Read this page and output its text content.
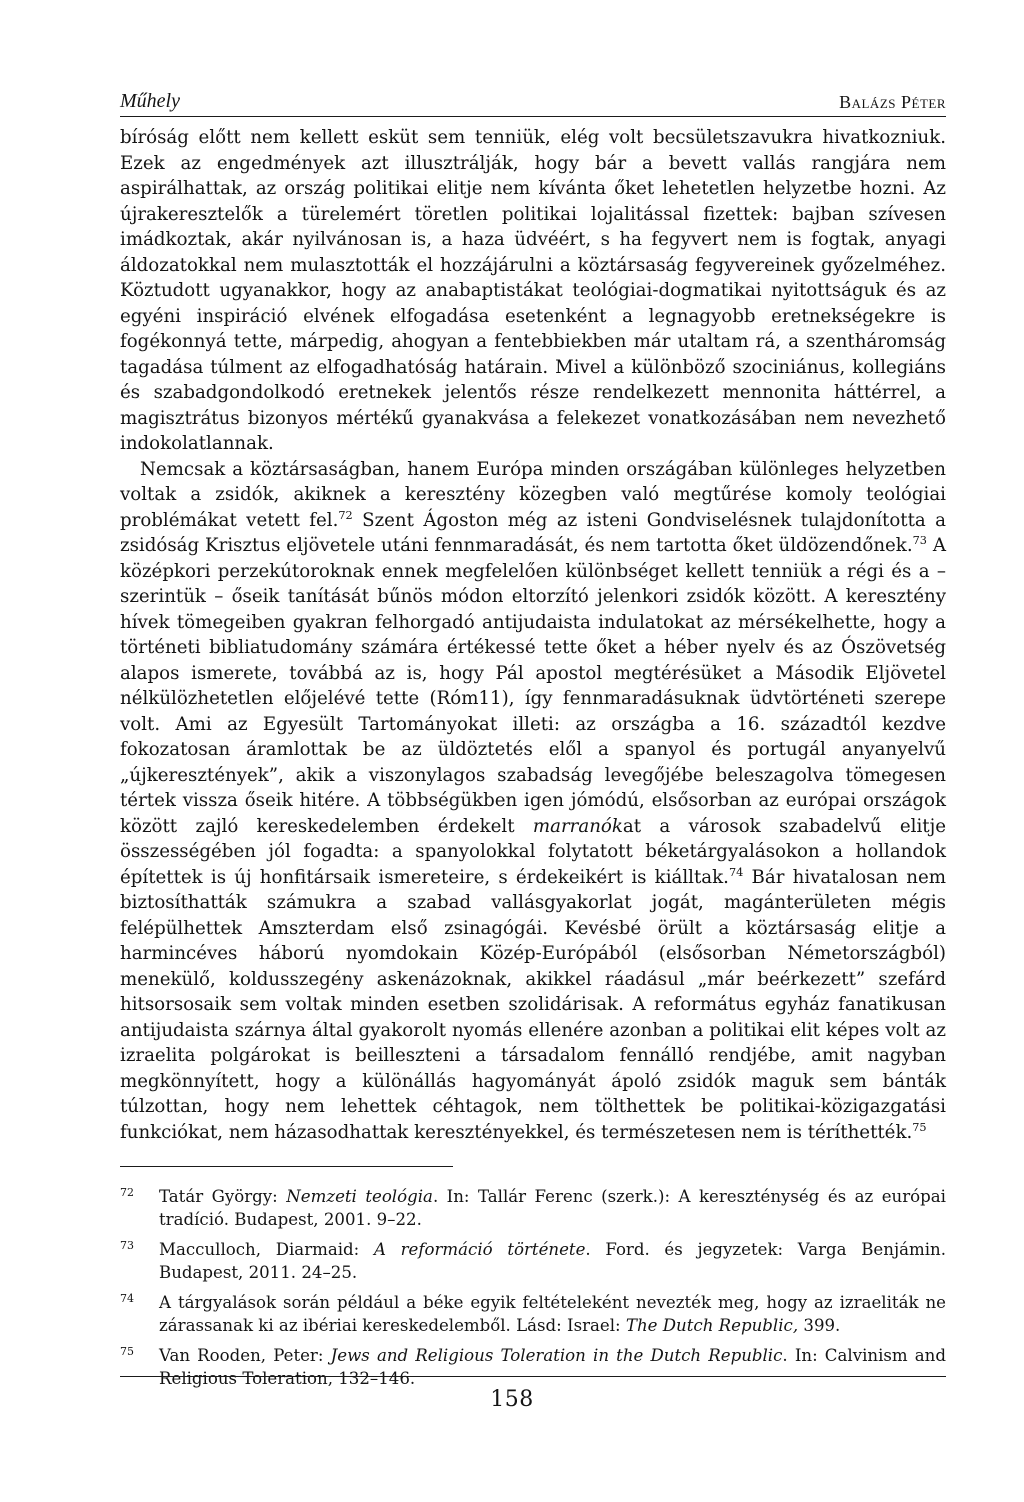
Műhely	Balázs Péter

bíróság előtt nem kellett esküt sem tenniük, elég volt becsületszavukra hivatkozniuk. Ezek az engedmények azt illusztrálják, hogy bár a bevett vallás rangjára nem aspirálhattak, az ország politikai elitje nem kívánta őket lehetetlen helyzetbe hozni. Az újrakeresztelők a türelemért töretlen politikai lojalitással fizettek: bajban szívesen imádkoztak, akár nyilvánosan is, a haza üdvéért, s ha fegyvert nem is fogtak, anyagi áldozatokkal nem mulasztották el hozzájárulni a köztársaság fegyvereinek győzelméhez. Köztudott ugyanakkor, hogy az anabaptistákat teológiai-dogmatikai nyitottságuk és az egyéni inspiráció elvének elfogadása esetenként a legnagyobb eretnekségekre is fogékonnyá tette, márpedig, ahogyan a fentebbiekben már utaltam rá, a szentháromság tagadása túlment az elfogadhatóság határain. Mivel a különböző szociniánus, kollegiáns és szabadgondolkodó eretnekek jelentős része rendelkezett mennonita háttérrel, a magisztrátus bizonyos mértékű gyanakvása a felekezet vonatkozásában nem nevezhető indokolatlannak.

Nemcsak a köztársaságban, hanem Európa minden országában különleges helyzetben voltak a zsidók, akiknek a keresztény közegben való megtűrése komoly teológiai problémákat vetett fel.$^{72}$ Szent Ágoston még az isteni Gondviselésnek tulajdonította a zsidóság Krisztus eljövetele utáni fennmaradását, és nem tartotta őket üldözendőnek.$^{73}$ A középkori perzekútoroknak ennek megfelelően különbséget kellett tenniük a régi és a – szerintük – őseik tanítását bűnös módon eltorzító jelenkori zsidók között. A keresztény hívek tömegeiben gyakran felhorgadó antijudaista indulatokat az mérsékelhette, hogy a történeti bibliatudomány számára értékessé tette őket a héber nyelv és az Ószövetség alapos ismerete, továbbá az is, hogy Pál apostol megtérésüket a Második Eljövetel nélkülözhetetlen előjelévé tette (Róm11), így fennmaradásuknak üdvtörténeti szerepe volt. Ami az Egyesült Tartományokat illeti: az országba a 16. századtól kezdve fokozatosan áramlottak be az üldöztetés elől a spanyol és portugál anyanyelvű „újkeresztények”, akik a viszonylagos szabadság levegőjébe beleszagolva tömegesen tértek vissza őseik hitére. A többségükben igen jómódú, elsősorban az európai országok között zajló kereskedelemben érdekelt marranókat a városok szabadelvű elitje összességében jól fogadta: a spanyolokkal folytatott béketárgyalásokon a hollandok építettek is új honfitársaik ismereteire, s érdekeikért is kiálltak.$^{74}$ Bár hivatalosan nem biztosíthatták számukra a szabad vallásgyakorlat jogát, magánterületen mégis felépülhettek Amszterdam első zsinagógái. Kevésbé örült a köztársaság elitje a harmincéves háború nyomdokain Közép-Európából (elsősorban Németországból) menekülő, koldusszegény askenázoknak, akikkel ráadásul „már beérkezett” szefárd hitsorsosaik sem voltak minden esetben szolidárisak. A református egyház fanatikusan antijudaista szárnya által gyakorolt nyomás ellenére azonban a politikai elit képes volt az izraelita polgárokat is beilleszteni a társadalom fennálló rendjébe, amit nagyban megkönnyített, hogy a különállás hagyományát ápoló zsidók maguk sem bánták túlzottan, hogy nem lehettek céhtagok, nem tölthettek be politikai-közigazgatási funkciókat, nem házasodhattak keresztényekkel, és természetesen nem is téríthették.$^{75}$

72 Tatár György: Nemzeti teológia. In: Tallár Ferenc (szerk.): A kereszténység és az európai tradíció. Budapest, 2001. 9–22.
73 Macculloch, Diarmaid: A reformáció története. Ford. és jegyzetek: Varga Benjámin. Budapest, 2011. 24–25.
74 A tárgyalások során például a béke egyik feltételeként nevezték meg, hogy az izraeliták ne zárassanak ki az ibériai kereskedelemből. Lásd: Israel: The Dutch Republic, 399.
75 Van Rooden, Peter: Jews and Religious Toleration in the Dutch Republic. In: Calvinism and Religious Toleration, 132–146.
158
